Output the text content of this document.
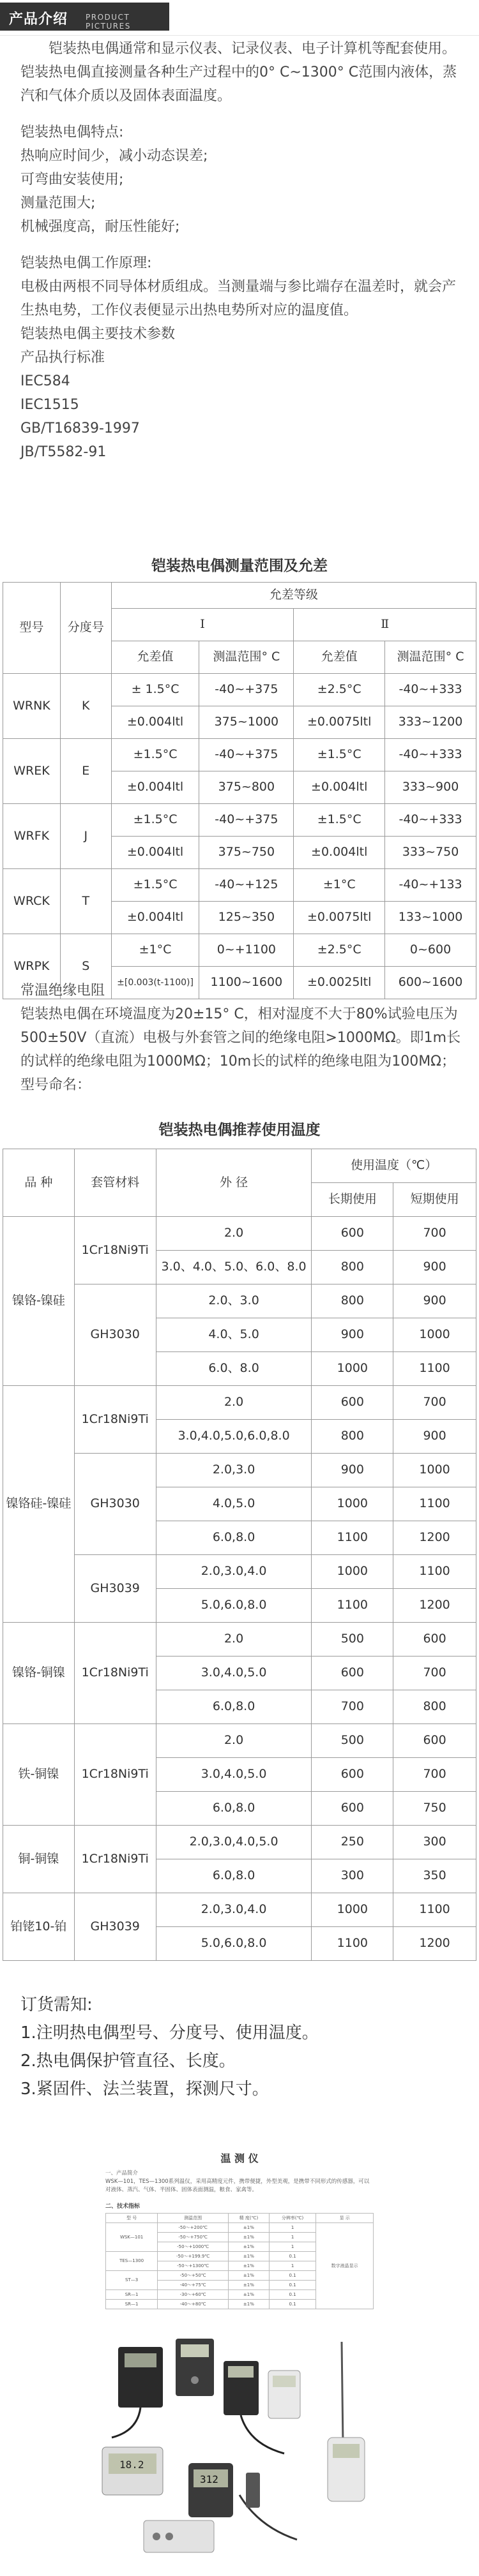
产品介绍 PRODUCT PICTURES

铠装热电偶通常和显示仪表、记录仪表、电子计算机等配套使用。铠装热电偶直接测量各种生产过程中的0° C~1300° C范围内液体，蒸汽和气体介质以及固体表面温度。

铠装热电偶特点:

热响应时间少，减小动态误差;

可弯曲安装使用;

测量范围大;

机械强度高，耐压性能好;

铠装热电偶工作原理:

电极由两根不同导体材质组成。当测量端与参比端存在温差时，就会产生热电势，工作仪表便显示出热电势所对应的温度值。

铠装热电偶主要技术参数

产品执行标准

IEC584

IEC1515

GB/T16839-1997

JB/T5582-91

铠装热电偶测量范围及允差
型号	分度号	允差等级			
		Ⅰ		Ⅱ	
		允差值	测温范围° C	允差值	测温范围° C
WRNK	K	± 1.5°C	-40~+375	±2.5°C	-40~+333
		±0.004ltl	375~1000	±0.0075ltl	333~1200
WREK	E	±1.5°C	-40~+375	±1.5°C	-40~+333
		±0.004ltl	375~800	±0.004ltl	333~900
WRFK	J	±1.5°C	-40~+375	±1.5°C	-40~+333
		±0.004ltl	375~750	±0.004ltl	333~750
WRCK	T	±1.5°C	-40~+125	±1°C	-40~+133
		±0.004ltl	125~350	±0.0075ltl	133~1000
WRPK	S	±1°C	0~+1100	±2.5°C	0~600
		±[0.003(t-1100)]	1100~1600	±0.0025ltl	600~1600

常温绝缘电阻

铠装热电偶在环境温度为20±15° C，相对湿度不大于80%试验电压为500±50V（直流）电极与外套管之间的绝缘电阻>1000MΩ。即1m长的试样的绝缘电阻为1000MΩ；10m长的试样的绝缘电阻为100MΩ；

型号命名：

铠装热电偶推荐使用温度
品 种	套管材料	外 径	使用温度（℃）	
			长期使用	短期使用
镍铬-镍硅	1Cr18Ni9Ti	2.0	600	700
		3.0、4.0、5.0、6.0、8.0	800	900
	GH3030	2.0、3.0	800	900
		4.0、5.0	900	1000
		6.0、8.0	1000	1100
镍铬硅-镍硅	1Cr18Ni9Ti	2.0	600	700
		3.0,4.0,5.0,6.0,8.0	800	900
	GH3030	2.0,3.0	900	1000
		4.0,5.0	1000	1100
		6.0,8.0	1100	1200
	GH3039	2.0,3.0,4.0	1000	1100
		5.0,6.0,8.0	1100	1200
镍铬-铜镍	1Cr18Ni9Ti	2.0	500	600
		3.0,4.0,5.0	600	700
		6.0,8.0	700	800
铁-铜镍	1Cr18Ni9Ti	2.0	500	600
		3.0,4.0,5.0	600	700
		6.0,8.0	600	750
铜-铜镍	1Cr18Ni9Ti	2.0,3.0,4.0,5.0	250	300
		6.0,8.0	300	350
铂铑10-铂	GH3039	2.0,3.0,4.0	1000	1100
		5.0,6.0,8.0	1100	1200

订货需知:

1.注明热电偶型号、分度号、使用温度。

2.热电偶保护管直径、长度。

3.紧固件、法兰装置，探测尺寸。

温 测 仪
一、产品简介
WSK—101，TES—1300系列温仪，采用高精度元件，携带便捷，外型美观，是携带不同形式的传感器，可以对液体、蒸汽、气体、半固体、固体表面测温，粮食、家禽等。
二、技术指标
型 号	测温范围	精 度(℃)	分辨率(℃)	显 示
WSK—101	-50～+200℃	±1%	1	数字液晶显示
	-50～+750℃	±1%	1	
	-50～+1000℃	±1%	1	
TES—1300	-50～+199.9℃	±1%	0.1	
	-50～+1300℃	±1%	1	
ST—3	-50～+50℃	±1%	0.1	
	-40～+75℃	±1%	0.1	
SR—1	-30～+60℃	±1%	0.1	
SR—1	-40～+80℃	±1%	0.1	
18.2
312
